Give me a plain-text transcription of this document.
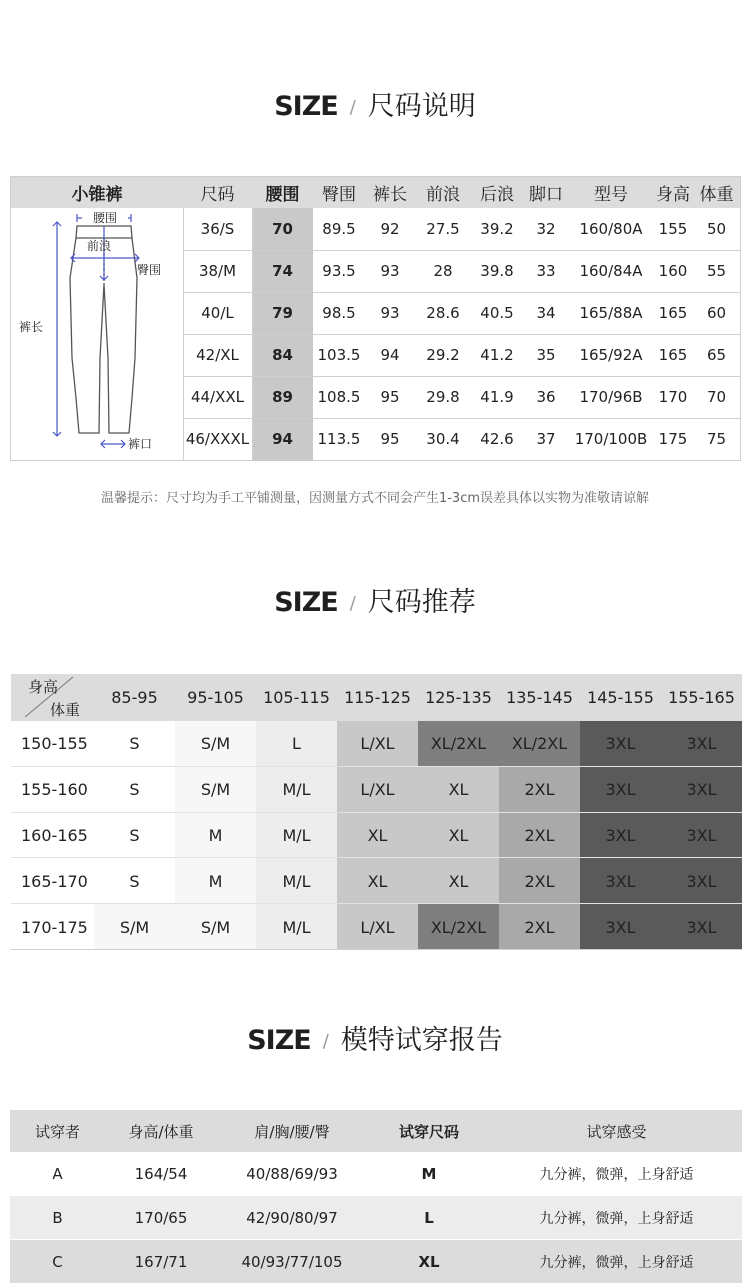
SIZE / 尺码说明
腰围
前浪
臀围
裤长
裤口
小锥裤	尺码	腰围	臀围	裤长	前浪	后浪 脚口	型号	身高 体重
36/S	70	89.5	92	27.5	39.2	32	160/80A	155	50
38/M	74	93.5	93	28	39.8	33	160/84A	160	55
40/L	79	98.5	93	28.6	40.5	34	165/88A	165	60
42/XL	84	103.5	94	29.2	41.2	35	165/92A	165	65
44/XXL	89	108.5	95	29.8	41.9	36	170/96B	170	70
46/XXXL	94	113.5	95	30.4	42.6	37	170/100B 175	75
温馨提示：尺寸均为手工平铺测量，因测量方式不同会产生1-3cm误差具体以实物为准敬请谅解
SIZE / 尺码推荐
身高
体重
85-95	95-105	105-115 115-125 125-135 135-145 145-155 155-165
150-155	S	S/M	L	L/XL	XL/2XL	XL/2XL	3XL	3XL
155-160	S	S/M	M/L	L/XL	XL	2XL	3XL	3XL
160-165	S	M	M/L	XL	XL	2XL	3XL	3XL
165-170	S	M	M/L	XL	XL	2XL	3XL	3XL
170-175	S/M	S/M	M/L	L/XL	XL/2XL	2XL	3XL	3XL
SIZE / 模特试穿报告
试穿者	身高/体重	肩/胸/腰/臀	试穿尺码	试穿感受
A	164/54	40/88/69/93	M	九分裤，微弹，上身舒适
B	170/65	42/90/80/97	L	九分裤，微弹，上身舒适
C	167/71	40/93/77/105	XL	九分裤，微弹，上身舒适
